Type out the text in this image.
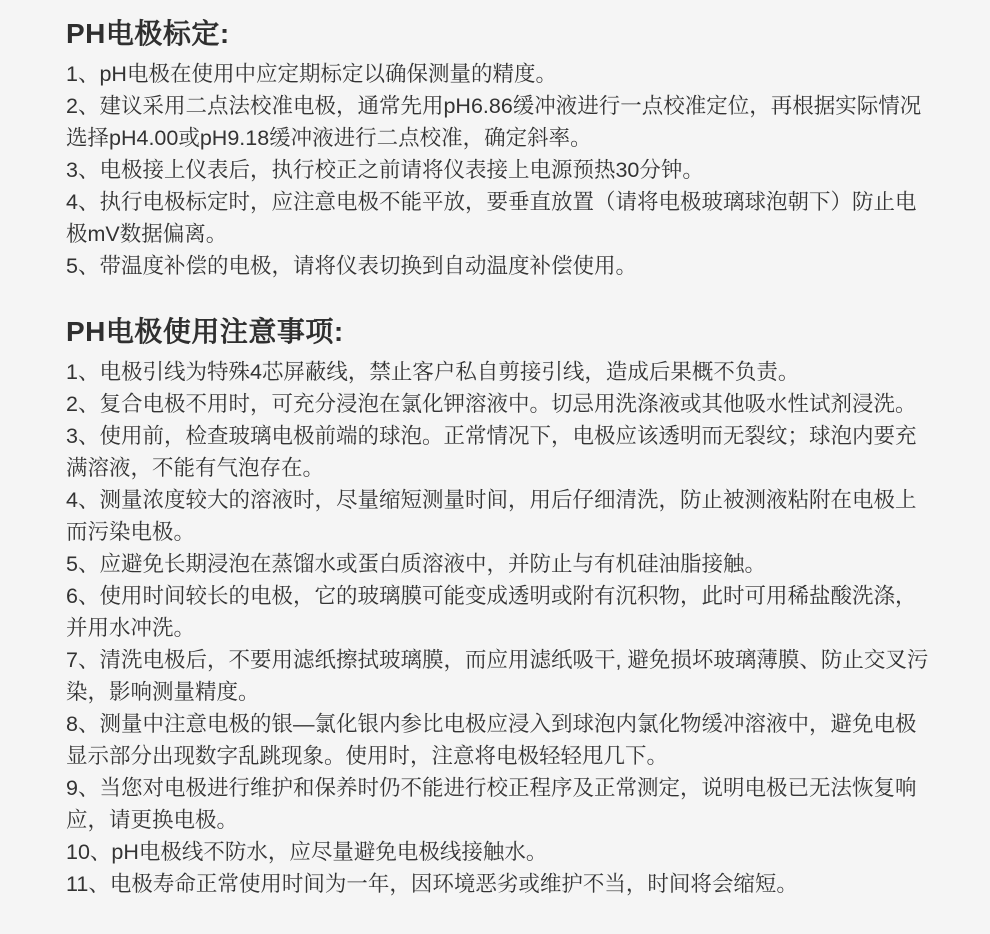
PH电极标定:

1、pH电极在使用中应定期标定以确保测量的精度。

2、建议采用二点法校准电极，通常先用pH6.86缓冲液进行一点校准定位，再根据实际情况选择pH4.00或pH9.18缓冲液进行二点校准，确定斜率。

3、电极接上仪表后，执行校正之前请将仪表接上电源预热30分钟。

4、执行电极标定时，应注意电极不能平放，要垂直放置（请将电极玻璃球泡朝下）防止电极mV数据偏离。

5、带温度补偿的电极，请将仪表切换到自动温度补偿使用。

PH电极使用注意事项:

1、电极引线为特殊4芯屏蔽线，禁止客户私自剪接引线，造成后果概不负责。

2、复合电极不用时，可充分浸泡在氯化钾溶液中。切忌用洗涤液或其他吸水性试剂浸洗。

3、使用前，检查玻璃电极前端的球泡。正常情况下，电极应该透明而无裂纹；球泡内要充满溶液，不能有气泡存在。

4、测量浓度较大的溶液时，尽量缩短测量时间，用后仔细清洗，防止被测液粘附在电极上而污染电极。

5、应避免长期浸泡在蒸馏水或蛋白质溶液中，并防止与有机硅油脂接触。

6、使用时间较长的电极，它的玻璃膜可能变成透明或附有沉积物，此时可用稀盐酸洗涤，并用水冲洗。

7、清洗电极后，不要用滤纸擦拭玻璃膜，而应用滤纸吸干, 避免损坏玻璃薄膜、防止交叉污染，影响测量精度。

8、测量中注意电极的银—氯化银内参比电极应浸入到球泡内氯化物缓冲溶液中，避免电极显示部分出现数字乱跳现象。使用时，注意将电极轻轻甩几下。

9、当您对电极进行维护和保养时仍不能进行校正程序及正常测定，说明电极已无法恢复响应，请更换电极。

10、pH电极线不防水，应尽量避免电极线接触水。

11、电极寿命正常使用时间为一年，因环境恶劣或维护不当，时间将会缩短。
